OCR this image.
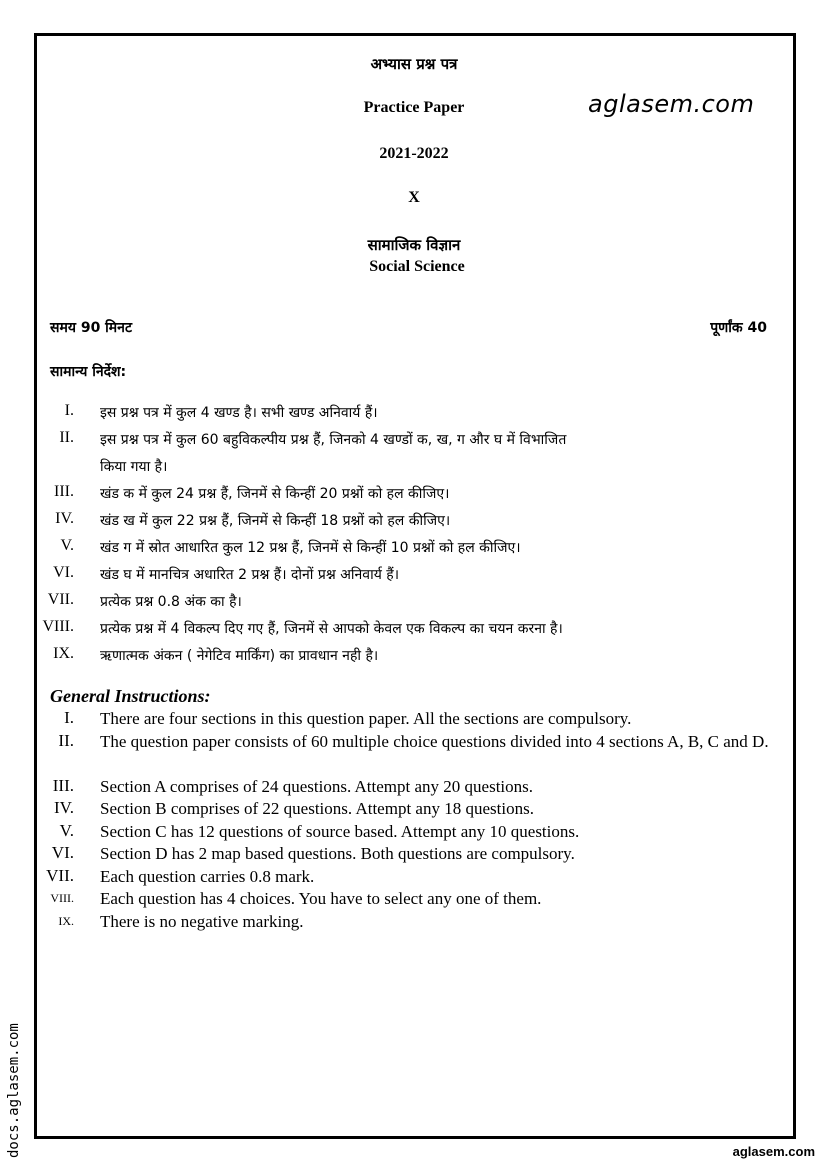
अभ्यास प्रश्न पत्र
Practice Paper	aglasem.com
2021-2022
X
सामाजिक विज्ञान
Social Science
समय 90 मिनट	पूर्णांक 40
सामान्य निर्देश:
I. इस प्रश्न पत्र में कुल 4 खण्ड है। सभी खण्ड अनिवार्य हैं।
II. इस प्रश्न पत्र में कुल 60 बहुविकल्पीय प्रश्न हैं, जिनको 4 खण्डों क, ख, ग और घ में विभाजित
किया गया है।
III. खंड क में कुल 24 प्रश्न हैं, जिनमें से किन्हीं 20 प्रश्नों को हल कीजिए।
IV. खंड ख में कुल 22 प्रश्न हैं, जिनमें से किन्हीं 18 प्रश्नों को हल कीजिए।
V. खंड ग में स्रोत आधारित कुल 12 प्रश्न हैं, जिनमें से किन्हीं 10 प्रश्नों को हल कीजिए।
VI. खंड घ में मानचित्र अधारित 2 प्रश्न हैं। दोनों प्रश्न अनिवार्य हैं।
VII. प्रत्येक प्रश्न 0.8 अंक का है।
VIII. प्रत्येक प्रश्न में 4 विकल्प दिए गए हैं, जिनमें से आपको केवल एक विकल्प का चयन करना है।
IX. ऋणात्मक अंकन ( नेगेटिव मार्किंग) का प्रावधान नही है।
General Instructions:
I. There are four sections in this question paper. All the sections are compulsory.
II. The question paper consists of 60 multiple choice questions divided into 4 sections A, B, C and D.
III. Section A comprises of 24 questions. Attempt any 20 questions.
IV. Section B comprises of 22 questions. Attempt any 18 questions.
V. Section C has 12 questions of source based. Attempt any 10 questions.
VI. Section D has 2 map based questions. Both questions are compulsory.
VII. Each question carries 0.8 mark.
VIII. Each question has 4 choices. You have to select any one of them.
IX. There is no negative marking.
docs.aglasem.com	aglasem.com
